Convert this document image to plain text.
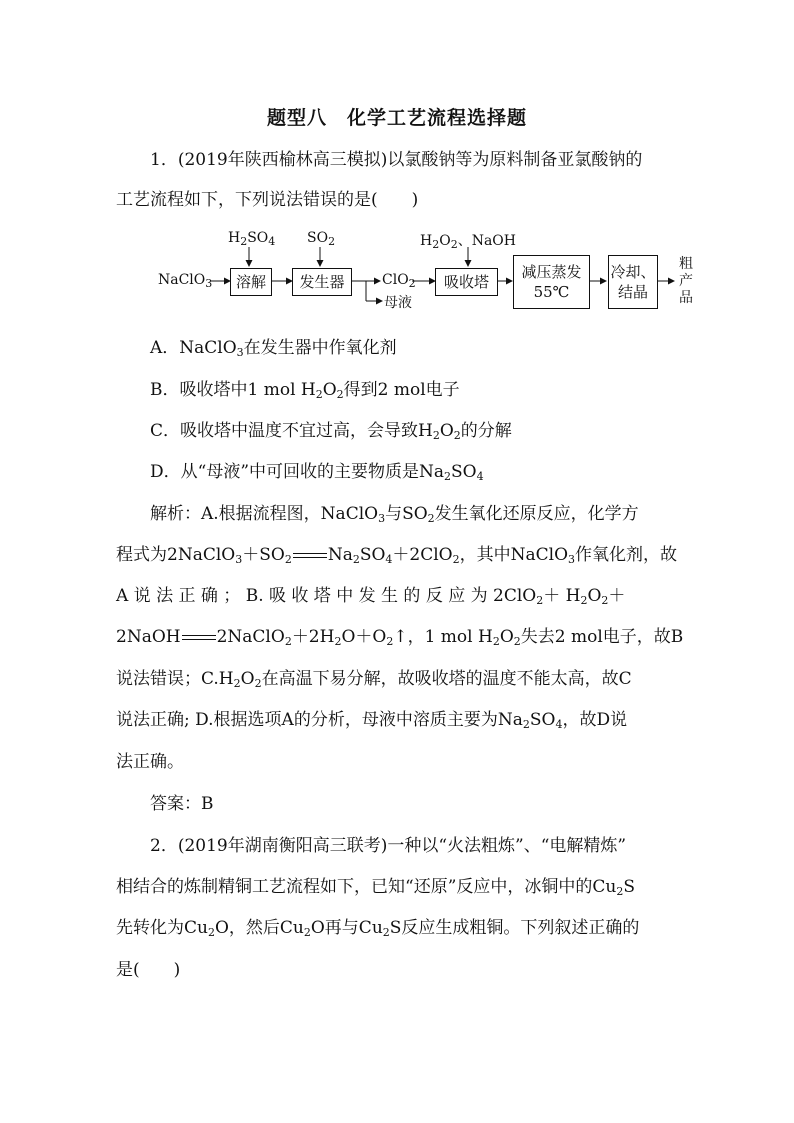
题型八　化学工艺流程选择题
1．(2019年陕西榆林高三模拟)以氯酸钠等为原料制备亚氯酸钠的
工艺流程如下，下列说法错误的是(　　)
NaClO$_3$
$H_2SO_4$ $SO_2$	$H_2O_2$、NaOH
溶解	发生器	ClO$_2$
母液
吸收塔
减压蒸发
55℃
冷却、
结晶
粗产品
A．NaClO$_3$在发生器中作氧化剂
B．吸收塔中1 mol $H_2O_2$得到2 mol电子
C．吸收塔中温度不宜过高，会导致$H_2O_2$的分解
D．从“母液”中可回收的主要物质是$Na_2SO_4$
解析：A.根据流程图，NaClO$_3$与$SO_2$发生氧化还原反应，化学方
程式为$2NaClO_3+SO_2$ $Na_2SO_4+2ClO_2$，其中NaClO$_3$作氧化剂，故
A 说 法 正 确 ； B. 吸 收 塔 中 发 生 的 反 应 为 $2ClO_2+ H_2O_2+$
2NaOH $2NaClO_2+2H_2O+O_2↑$，1 mol $H_2O_2$失去2 mol电子，故B
说法错误；$C.H_2O_2$在高温下易分解，故吸收塔的温度不能太高，故C
说法正确; D.根据选项A的分析，母液中溶质主要为$Na_2SO_4$，故D说
法正确。
答案：B
2．(2019年湖南衡阳高三联考)一种以“火法粗炼”、“电解精炼”
相结合的炼制精铜工艺流程如下，已知“还原”反应中，冰铜中的$Cu_2S$
先转化为$Cu_2O$，然后$Cu_2O$再与$Cu_2S$反应生成粗铜。下列叙述正确的
是(　　)
